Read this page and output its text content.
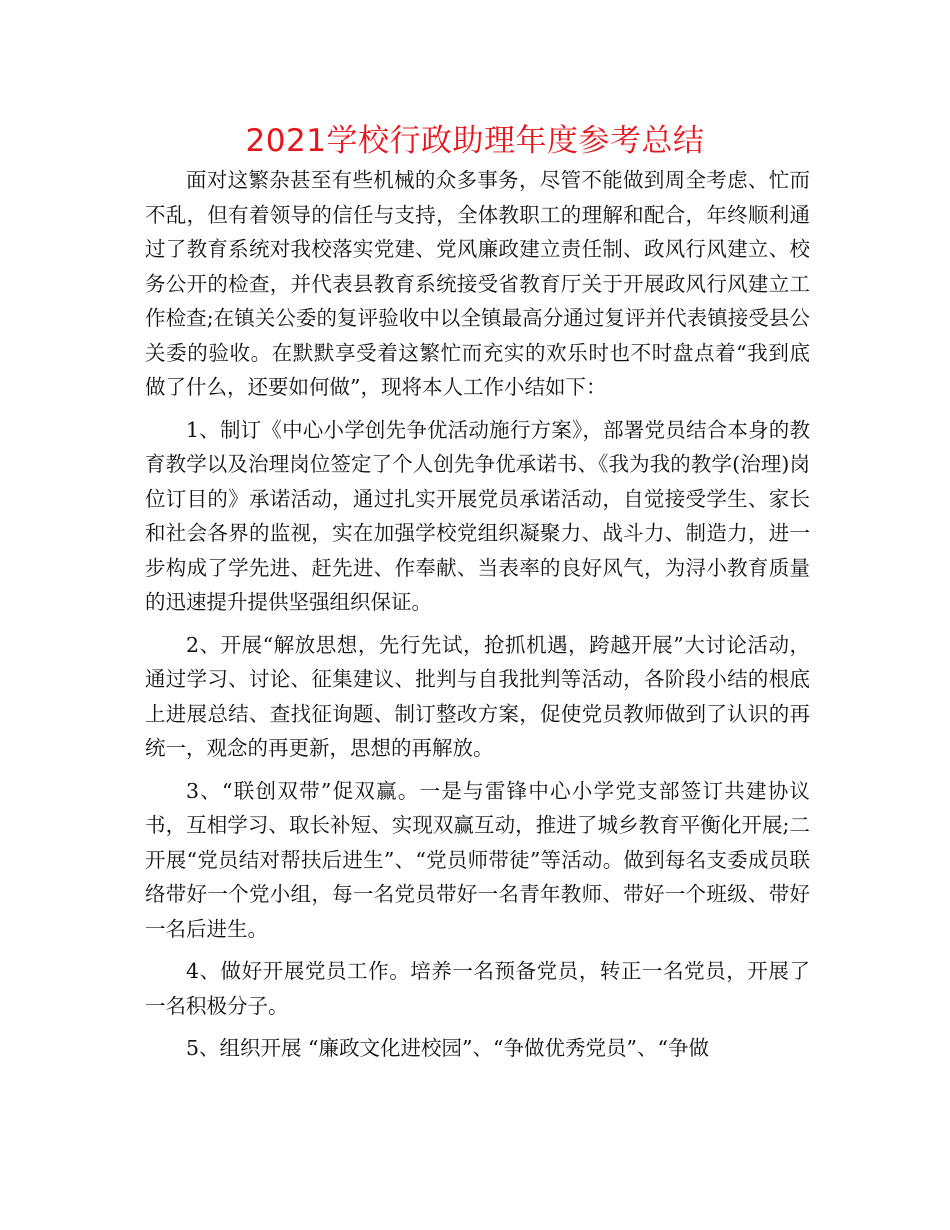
2021学校行政助理年度参考总结

面对这繁杂甚至有些机械的众多事务，尽管不能做到周全考虑、忙而不乱，但有着领导的信任与支持，全体教职工的理解和配合，年终顺利通过了教育系统对我校落实党建、党风廉政建立责任制、政风行风建立、校务公开的检查，并代表县教育系统接受省教育厅关于开展政风行风建立工作检查;在镇关公委的复评验收中以全镇最高分通过复评并代表镇接受县公关委的验收。在默默享受着这繁忙而充实的欢乐时也不时盘点着“我到底做了什么，还要如何做”，现将本人工作小结如下：

1、制订《中心小学创先争优活动施行方案》，部署党员结合本身的教育教学以及治理岗位签定了个人创先争优承诺书、《我为我的教学(治理)岗位订目的》承诺活动，通过扎实开展党员承诺活动，自觉接受学生、家长和社会各界的监视，实在加强学校党组织凝聚力、战斗力、制造力，进一步构成了学先进、赶先进、作奉献、当表率的良好风气，为浔小教育质量的迅速提升提供坚强组织保证。

2、开展“解放思想，先行先试，抢抓机遇，跨越开展”大讨论活动，通过学习、讨论、征集建议、批判与自我批判等活动，各阶段小结的根底上进展总结、查找征询题、制订整改方案，促使党员教师做到了认识的再统一，观念的再更新，思想的再解放。

3、“联创双带”促双赢。一是与雷锋中心小学党支部签订共建协议书，互相学习、取长补短、实现双赢互动，推进了城乡教育平衡化开展;二开展“党员结对帮扶后进生”、“党员师带徒”等活动。做到每名支委成员联络带好一个党小组，每一名党员带好一名青年教师、带好一个班级、带好一名后进生。

4、做好开展党员工作。培养一名预备党员，转正一名党员，开展了一名积极分子。

5、组织开展 “廉政文化进校园”、“争做优秀党员”、“争做
